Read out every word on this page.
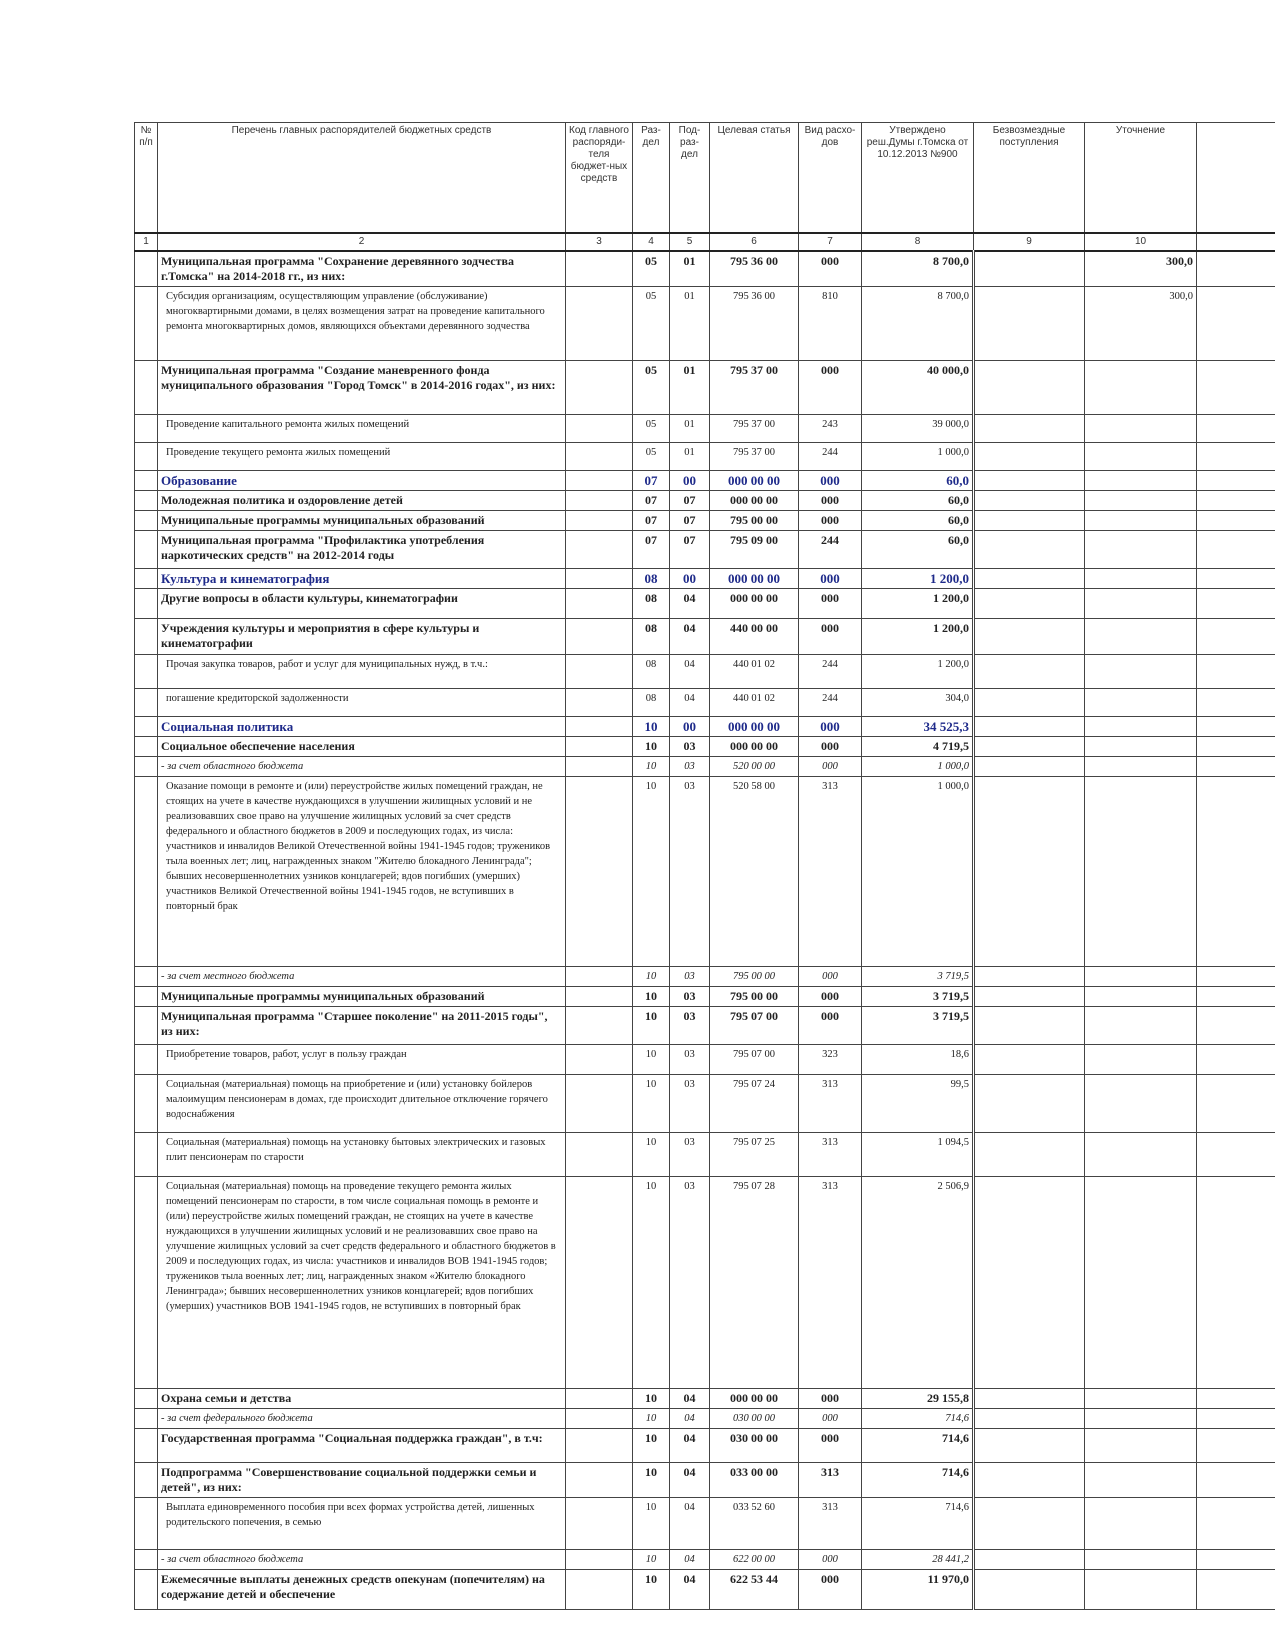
№ п/п	Перечень главных распорядителей бюджетных средств	Код главного распоряди-теля бюджет-ных средств	Раз-дел	Под-раз-дел	Целевая статья	Вид расхо-дов	Утверждено реш.Думы г.Томска от 10.12.2013 №900	Безвозмездные поступления	Уточнение	
1	2	3	4	5	6	7	8	9	10	
	Муниципальная программа "Сохранение деревянного зодчества г.Томска" на 2014-2018 гг., из них:		05	01	795 36 00	000	8 700,0		300,0	
	Субсидия организациям, осуществляющим управление (обслуживание) многоквартирными домами, в целях возмещения затрат на проведение капитального ремонта многоквартирных домов, являющихся объектами деревянного зодчества		05	01	795 36 00	810	8 700,0		300,0	
	Муниципальная программа "Создание маневренного фонда муниципального образования "Город Томск" в 2014-2016 годах", из них:		05	01	795 37 00	000	40 000,0			
	Проведение капитального ремонта жилых помещений		05	01	795 37 00	243	39 000,0			
	Проведение текущего ремонта жилых помещений		05	01	795 37 00	244	1 000,0			
	Образование		07	00	000 00 00	000	60,0			
	Молодежная политика и оздоровление детей		07	07	000 00 00	000	60,0			
	Муниципальные программы муниципальных образований		07	07	795 00 00	000	60,0			
	Муниципальная программа "Профилактика употребления наркотических средств" на 2012-2014 годы		07	07	795 09 00	244	60,0			
	Культура и кинематография		08	00	000 00 00	000	1 200,0			
	Другие вопросы в области культуры, кинематографии		08	04	000 00 00	000	1 200,0			
	Учреждения культуры и мероприятия в сфере культуры и кинематографии		08	04	440 00 00	000	1 200,0			
	Прочая закупка товаров, работ и услуг для муниципальных нужд, в т.ч.:		08	04	440 01 02	244	1 200,0			
	погашение кредиторской задолженности		08	04	440 01 02	244	304,0			
	Социальная политика		10	00	000 00 00	000	34 525,3			
	Социальное обеспечение населения		10	03	000 00 00	000	4 719,5			
	- за счет областного бюджета		10	03	520 00 00	000	1 000,0			
	Оказание помощи в ремонте и (или) переустройстве жилых помещений граждан, не стоящих на учете в качестве нуждающихся в улучшении жилищных условий и не реализовавших свое право на улучшение жилищных условий за счет средств федерального и областного бюджетов в 2009 и последующих годах, из числа: участников и инвалидов Великой Отечественной войны 1941-1945 годов; тружеников тыла военных лет; лиц, награжденных знаком "Жителю блокадного Ленинграда"; бывших несовершеннолетних узников концлагерей; вдов погибших (умерших) участников Великой Отечественной войны 1941-1945 годов, не вступивших в повторный брак		10	03	520 58 00	313	1 000,0			
	- за счет местного бюджета		10	03	795 00 00	000	3 719,5			
	Муниципальные программы муниципальных образований		10	03	795 00 00	000	3 719,5			
	Муниципальная программа "Старшее поколение" на 2011-2015 годы", из них:		10	03	795 07 00	000	3 719,5			
	Приобретение товаров, работ, услуг в пользу граждан		10	03	795 07 00	323	18,6			
	Социальная (материальная) помощь на приобретение и (или) установку бойлеров малоимущим пенсионерам в домах, где происходит длительное отключение горячего водоснабжения		10	03	795 07 24	313	99,5			
	Социальная (материальная) помощь на установку бытовых электрических и газовых плит пенсионерам по старости		10	03	795 07 25	313	1 094,5			
	Социальная (материальная) помощь на проведение текущего ремонта жилых помещений пенсионерам по старости, в том числе социальная помощь в ремонте и (или) переустройстве жилых помещений граждан, не стоящих на учете в качестве нуждающихся в улучшении жилищных условий и не реализовавших свое право на улучшение жилищных условий за счет средств федерального и областного бюджетов в 2009 и последующих годах, из числа: участников и инвалидов ВОВ 1941-1945 годов; тружеников тыла военных лет; лиц, награжденных знаком «Жителю блокадного Ленинграда»; бывших несовершеннолетних узников концлагерей; вдов погибших (умерших) участников ВОВ 1941-1945 годов, не вступивших в повторный брак		10	03	795 07 28	313	2 506,9			
	Охрана семьи и детства		10	04	000 00 00	000	29 155,8			
	- за счет федерального бюджета		10	04	030 00 00	000	714,6			
	Государственная программа "Социальная поддержка граждан", в т.ч:		10	04	030 00 00	000	714,6			
	Подпрограмма "Совершенствование социальной поддержки семьи и детей", из них:		10	04	033 00 00	313	714,6			
	Выплата единовременного пособия при всех формах устройства детей, лишенных родительского попечения, в семью		10	04	033 52 60	313	714,6			
	- за счет областного бюджета		10	04	622 00 00	000	28 441,2			
	Ежемесячные выплаты денежных средств опекунам (попечителям) на содержание детей и обеспечение		10	04	622 53 44	000	11 970,0			
